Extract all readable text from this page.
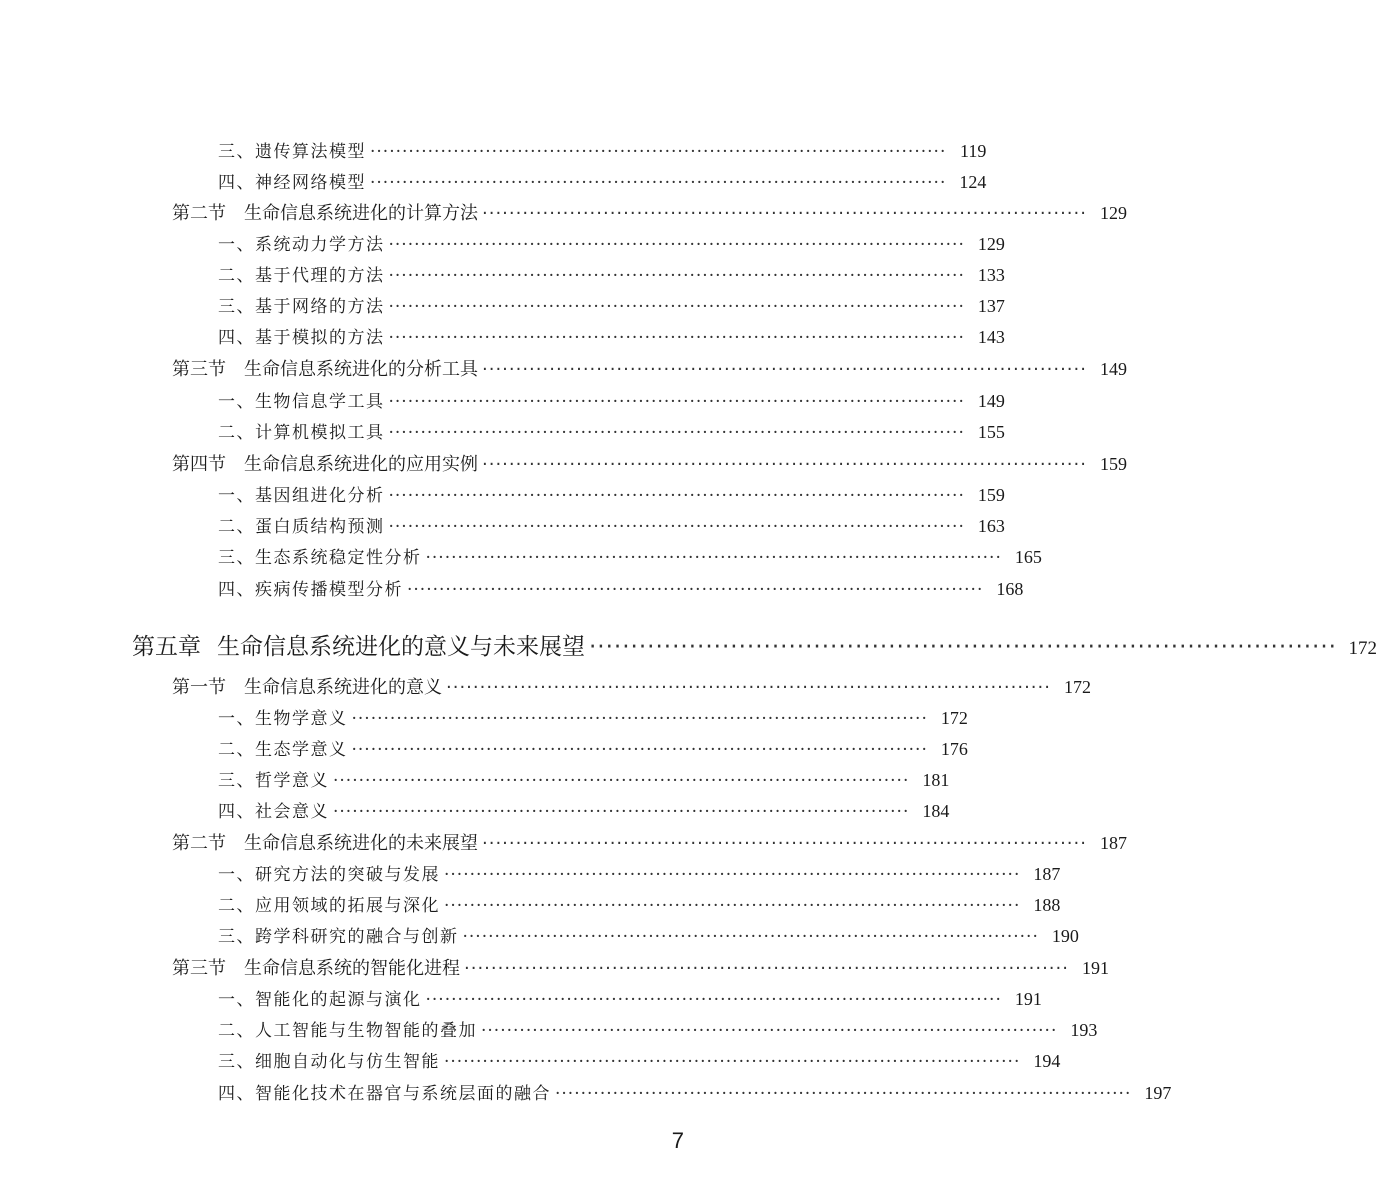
三、遗传算法模型 ·························································································· 119
四、神经网络模型 ·························································································· 124
第二节 生命信息系统进化的计算方法 ·························································································· 129
一、系统动力学方法 ·························································································· 129
二、基于代理的方法 ·························································································· 133
三、基于网络的方法 ·························································································· 137
四、基于模拟的方法 ·························································································· 143
第三节 生命信息系统进化的分析工具 ·························································································· 149
一、生物信息学工具 ·························································································· 149
二、计算机模拟工具 ·························································································· 155
第四节 生命信息系统进化的应用实例 ·························································································· 159
一、基因组进化分析 ·························································································· 159
二、蛋白质结构预测 ·························································································· 163
三、生态系统稳定性分析 ·························································································· 165
四、疾病传播模型分析 ·························································································· 168
第五章 生命信息系统进化的意义与未来展望 ·························································································· 172
第一节 生命信息系统进化的意义 ·························································································· 172
一、生物学意义 ·························································································· 172
二、生态学意义 ·························································································· 176
三、哲学意义 ·························································································· 181
四、社会意义 ·························································································· 184
第二节 生命信息系统进化的未来展望 ·························································································· 187
一、研究方法的突破与发展 ·························································································· 187
二、应用领域的拓展与深化 ·························································································· 188
三、跨学科研究的融合与创新 ·························································································· 190
第三节 生命信息系统的智能化进程 ·························································································· 191
一、智能化的起源与演化 ·························································································· 191
二、人工智能与生物智能的叠加 ·························································································· 193
三、细胞自动化与仿生智能 ·························································································· 194
四、智能化技术在器官与系统层面的融合 ·························································································· 197
7
